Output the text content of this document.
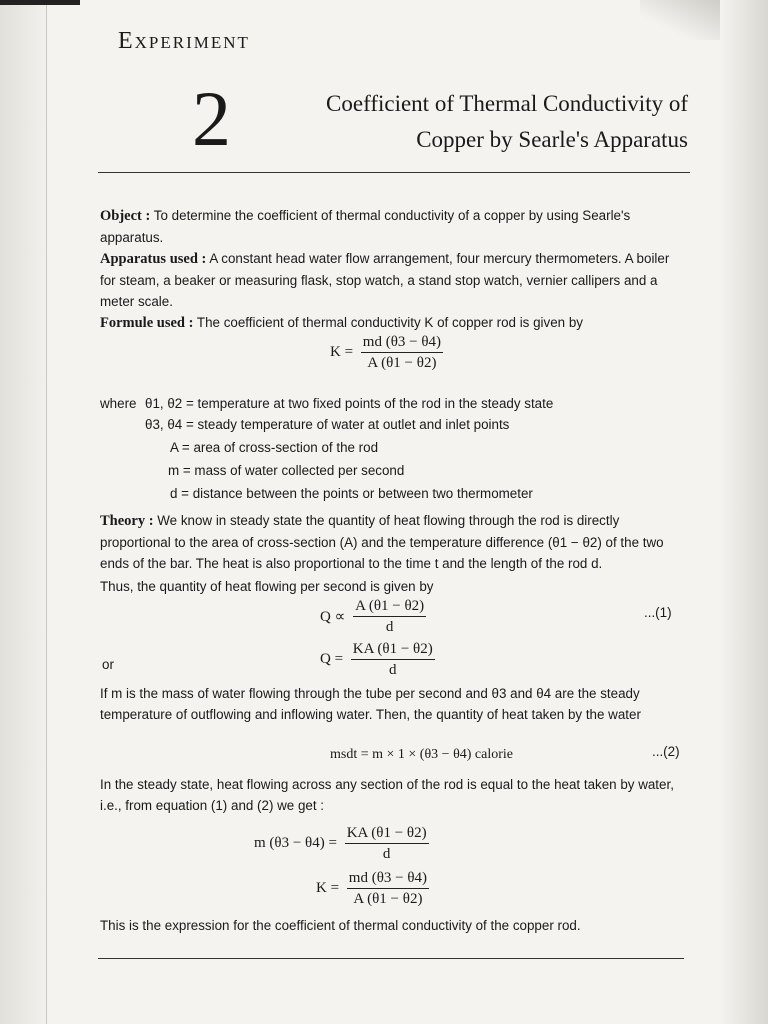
Experiment
2	Coefficient of Thermal Conductivity of
Copper by Searle's Apparatus
Object : To determine the coefficient of thermal conductivity of a copper by using Searle's apparatus.
Apparatus used : A constant head water flow arrangement, four mercury thermometers. A boiler for steam, a beaker or measuring flask, stop watch, a stand stop watch, vernier callipers and a meter scale.
Formule used : The coefficient of thermal conductivity K of copper rod is given by
$K = \frac{md (\theta 3 - \theta 4)}{A (\theta 1 - \theta 2)}$
where θ1, θ2 = temperature at two fixed points of the rod in the steady state
θ3, θ4 = steady temperature of water at outlet and inlet points
A = area of cross-section of the rod
m = mass of water collected per second
d = distance between the points or between two thermometer
Theory : We know in steady state the quantity of heat flowing through the rod is directly proportional to the area of cross-section (A) and the temperature difference (θ1 − θ2) of the two ends of the bar. The heat is also proportional to the time t and the length of the rod d.
Thus, the quantity of heat flowing per second is given by
$Q \propto \frac{A (\theta 1 - \theta 2)}{d}$	...(1)
or	$Q = \frac{KA (\theta 1 - \theta 2)}{d}$
If m is the mass of water flowing through the tube per second and θ3 and θ4 are the steady temperature of outflowing and inflowing water. Then, the quantity of heat taken by the water
msdt = m × 1 × (θ3 − θ4) calorie	...(2)
In the steady state, heat flowing across any section of the rod is equal to the heat taken by water, i.e., from equation (1) and (2) we get :
m $(\theta 3 - \theta 4) = \frac{KA (\theta 1 - \theta 2)}{d}$
$K = \frac{md (\theta 3 - \theta 4)}{A (\theta 1 - \theta 2)}$
This is the expression for the coefficient of thermal conductivity of the copper rod.
